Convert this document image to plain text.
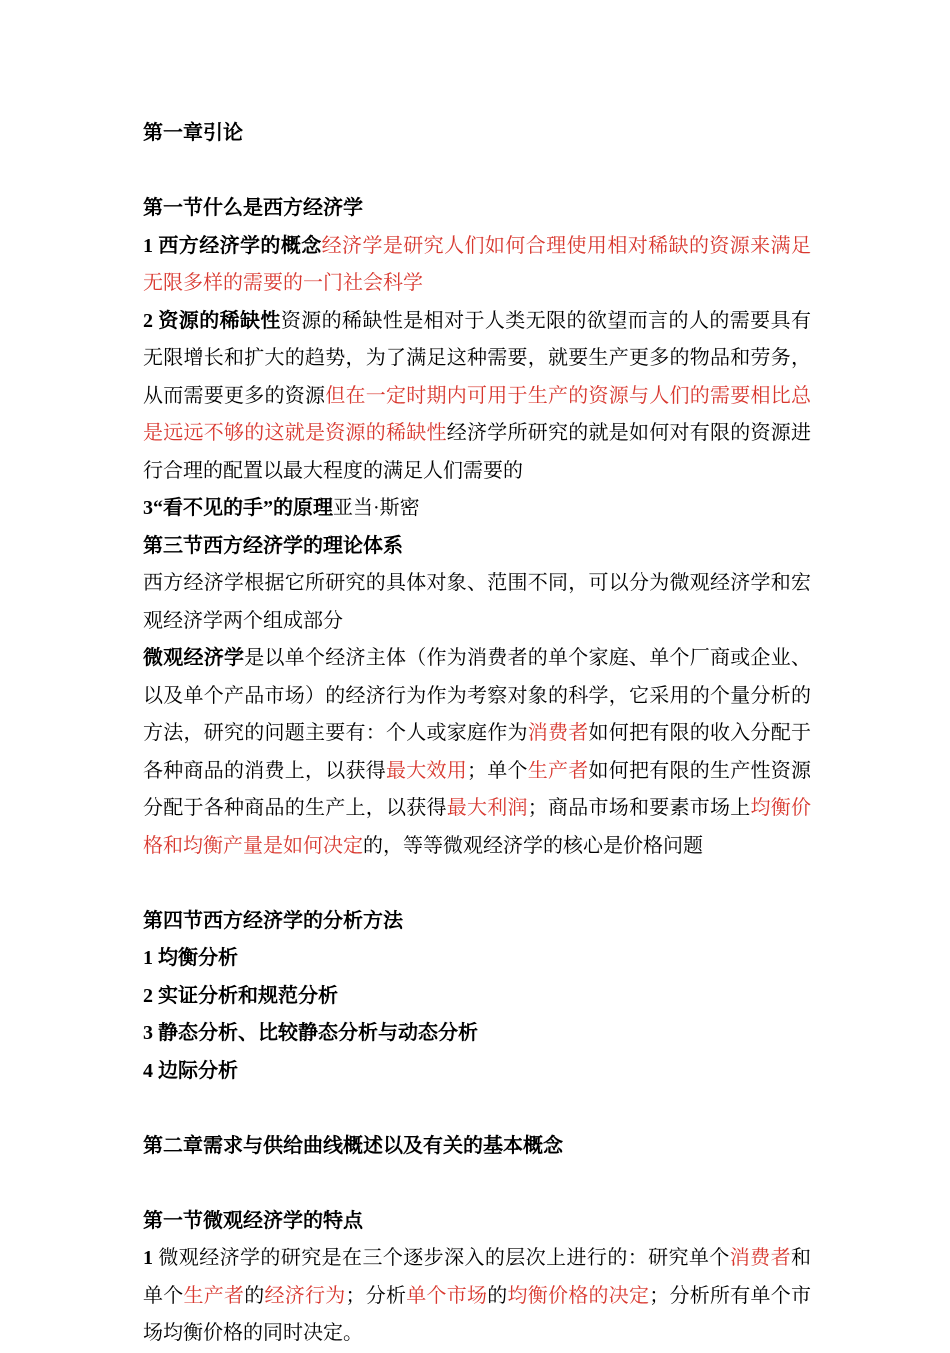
第一章引论

第一节什么是西方经济学

1 西方经济学的概念经济学是研究人们如何合理使用相对稀缺的资源来满足无限多样的需要的一门社会科学

2 资源的稀缺性资源的稀缺性是相对于人类无限的欲望而言的人的需要具有无限增长和扩大的趋势，为了满足这种需要，就要生产更多的物品和劳务，从而需要更多的资源但在一定时期内可用于生产的资源与人们的需要相比总是远远不够的这就是资源的稀缺性经济学所研究的就是如何对有限的资源进行合理的配置以最大程度的满足人们需要的

3“看不见的手”的原理亚当·斯密

第三节西方经济学的理论体系

西方经济学根据它所研究的具体对象、范围不同，可以分为微观经济学和宏观经济学两个组成部分

微观经济学是以单个经济主体（作为消费者的单个家庭、单个厂商或企业、以及单个产品市场）的经济行为作为考察对象的科学，它采用的个量分析的方法，研究的问题主要有：个人或家庭作为消费者如何把有限的收入分配于各种商品的消费上，以获得最大效用；单个生产者如何把有限的生产性资源分配于各种商品的生产上，以获得最大利润；商品市场和要素市场上均衡价格和均衡产量是如何决定的，等等微观经济学的核心是价格问题

第四节西方经济学的分析方法

1 均衡分析

2 实证分析和规范分析

3 静态分析、比较静态分析与动态分析

4 边际分析

第二章需求与供给曲线概述以及有关的基本概念

第一节微观经济学的特点

1 微观经济学的研究是在三个逐步深入的层次上进行的：研究单个消费者和单个生产者的经济行为；分析单个市场的均衡价格的决定；分析所有单个市场均衡价格的同时决定。
